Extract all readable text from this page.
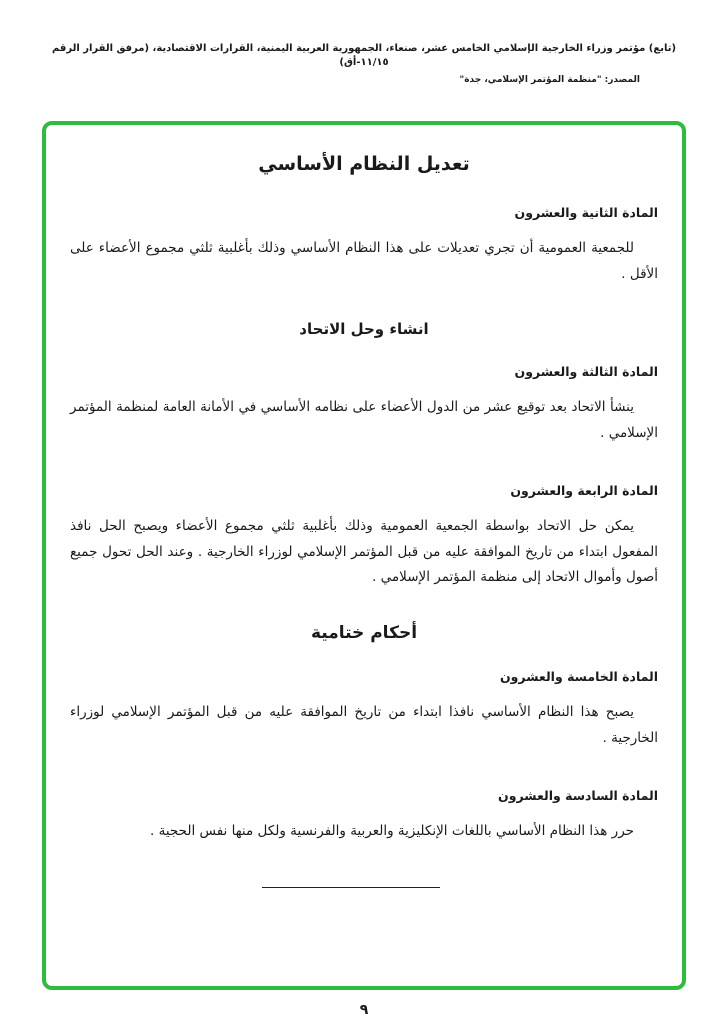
(تابع) مؤتمر وزراء الخارجية الإسلامي الخامس عشر، صنعاء، الجمهورية العربية اليمنية، القرارات الاقتصادية، (مرفق القرار الرقم ١١/١٥-أق)
المصدر: "منظمة المؤتمر الإسلامي، جدة"
تعديل النظام الأساسي
المادة الثانية والعشرون
للجمعية العمومية أن تجري تعديلات على هذا النظام الأساسي وذلك بأغلبية ثلثي مجموع الأعضاء على الأقل .
انشاء وحل الاتحاد
المادة الثالثة والعشرون
ينشأ الاتحاد بعد توقيع عشر من الدول الأعضاء على نظامه الأساسي في الأمانة العامة لمنظمة المؤتمر الإسلامي .
المادة الرابعة والعشرون
يمكن حل الاتحاد بواسطة الجمعية العمومية وذلك بأغلبية ثلثي مجموع الأعضاء ويصبح الحل نافذ المفعول ابتداء من تاريخ الموافقة عليه من قبل المؤتمر الإسلامي لوزراء الخارجية . وعند الحل تحول جميع أصول وأموال الاتحاد إلى منظمة المؤتمر الإسلامي .
أحكام ختامية
المادة الخامسة والعشرون
يصبح هذا النظام الأساسي نافذا ابتداء من تاريخ الموافقة عليه من قبل المؤتمر الإسلامي لوزراء الخارجية .
المادة السادسة والعشرون
حرر هذا النظام الأساسي باللغات الإنكليزية والعربية والفرنسية ولكل منها نفس الحجية .
٩
